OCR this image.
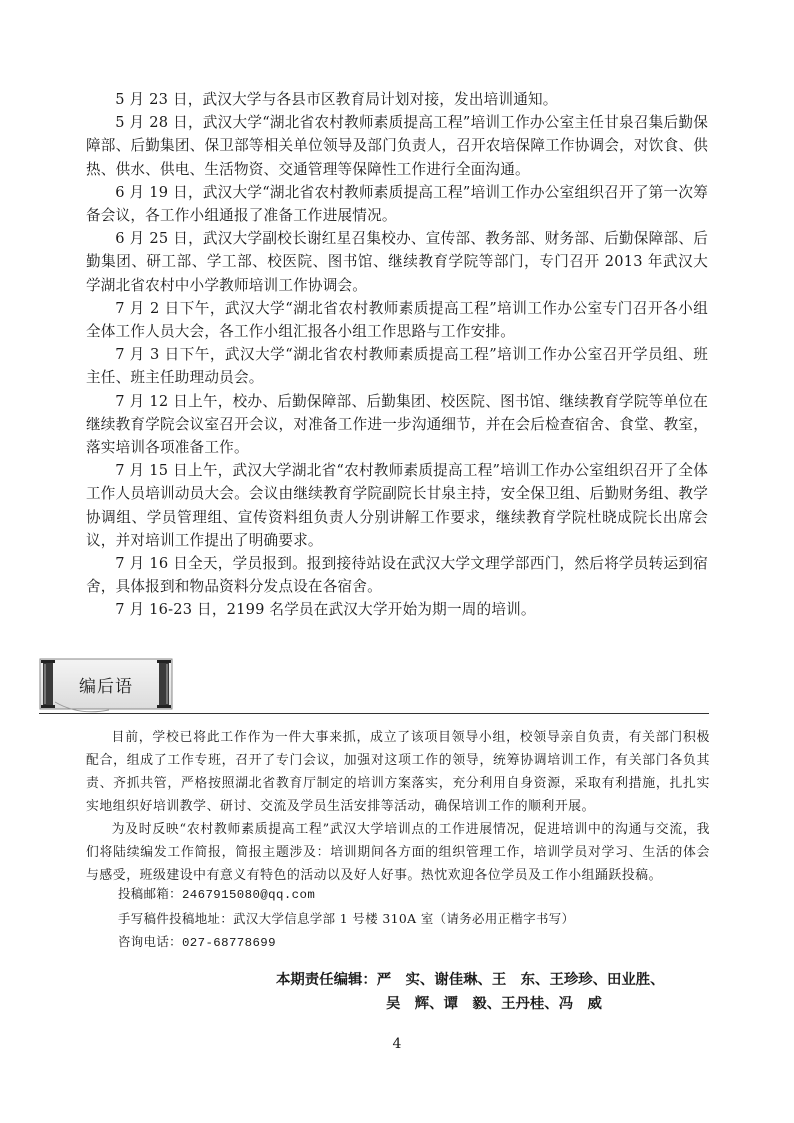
5 月 23 日，武汉大学与各县市区教育局计划对接，发出培训通知。

5 月 28 日，武汉大学“湖北省农村教师素质提高工程”培训工作办公室主任甘泉召集后勤保障部、后勤集团、保卫部等相关单位领导及部门负责人，召开农培保障工作协调会，对饮食、供热、供水、供电、生活物资、交通管理等保障性工作进行全面沟通。

6 月 19 日，武汉大学“湖北省农村教师素质提高工程”培训工作办公室组织召开了第一次筹备会议，各工作小组通报了准备工作进展情况。

6 月 25 日，武汉大学副校长谢红星召集校办、宣传部、教务部、财务部、后勤保障部、后勤集团、研工部、学工部、校医院、图书馆、继续教育学院等部门，专门召开 2013 年武汉大学湖北省农村中小学教师培训工作协调会。

7 月 2 日下午，武汉大学“湖北省农村教师素质提高工程”培训工作办公室专门召开各小组全体工作人员大会，各工作小组汇报各小组工作思路与工作安排。

7 月 3 日下午，武汉大学“湖北省农村教师素质提高工程”培训工作办公室召开学员组、班主任、班主任助理动员会。

7 月 12 日上午，校办、后勤保障部、后勤集团、校医院、图书馆、继续教育学院等单位在继续教育学院会议室召开会议，对准备工作进一步沟通细节，并在会后检查宿舍、食堂、教室，落实培训各项准备工作。

7 月 15 日上午，武汉大学湖北省“农村教师素质提高工程”培训工作办公室组织召开了全体工作人员培训动员大会。会议由继续教育学院副院长甘泉主持，安全保卫组、后勤财务组、教学协调组、学员管理组、宣传资料组负责人分别讲解工作要求，继续教育学院杜晓成院长出席会议，并对培训工作提出了明确要求。

7 月 16 日全天，学员报到。报到接待站设在武汉大学文理学部西门，然后将学员转运到宿舍，具体报到和物品资料分发点设在各宿舍。

7 月 16-23 日，2199 名学员在武汉大学开始为期一周的培训。

编后语

目前，学校已将此工作作为一件大事来抓，成立了该项目领导小组，校领导亲自负责，有关部门积极配合，组成了工作专班，召开了专门会议，加强对这项工作的领导，统筹协调培训工作，有关部门各负其责、齐抓共管，严格按照湖北省教育厅制定的培训方案落实，充分利用自身资源，采取有利措施，扎扎实实地组织好培训教学、研讨、交流及学员生活安排等活动，确保培训工作的顺利开展。

为及时反映“农村教师素质提高工程”武汉大学培训点的工作进展情况，促进培训中的沟通与交流，我们将陆续编发工作简报，简报主题涉及：培训期间各方面的组织管理工作，培训学员对学习、生活的体会与感受，班级建设中有意义有特色的活动以及好人好事。热忱欢迎各位学员及工作小组踊跃投稿。

投稿邮箱：2467915080@qq.com
手写稿件投稿地址：武汉大学信息学部 1 号楼 310A 室（请务必用正楷字书写）
咨询电话：027-68778699
本期责任编辑：严　实、谢佳琳、王　东、王珍珍、田业胜、
吴　辉、谭　毅、王丹桂、冯　威
4
